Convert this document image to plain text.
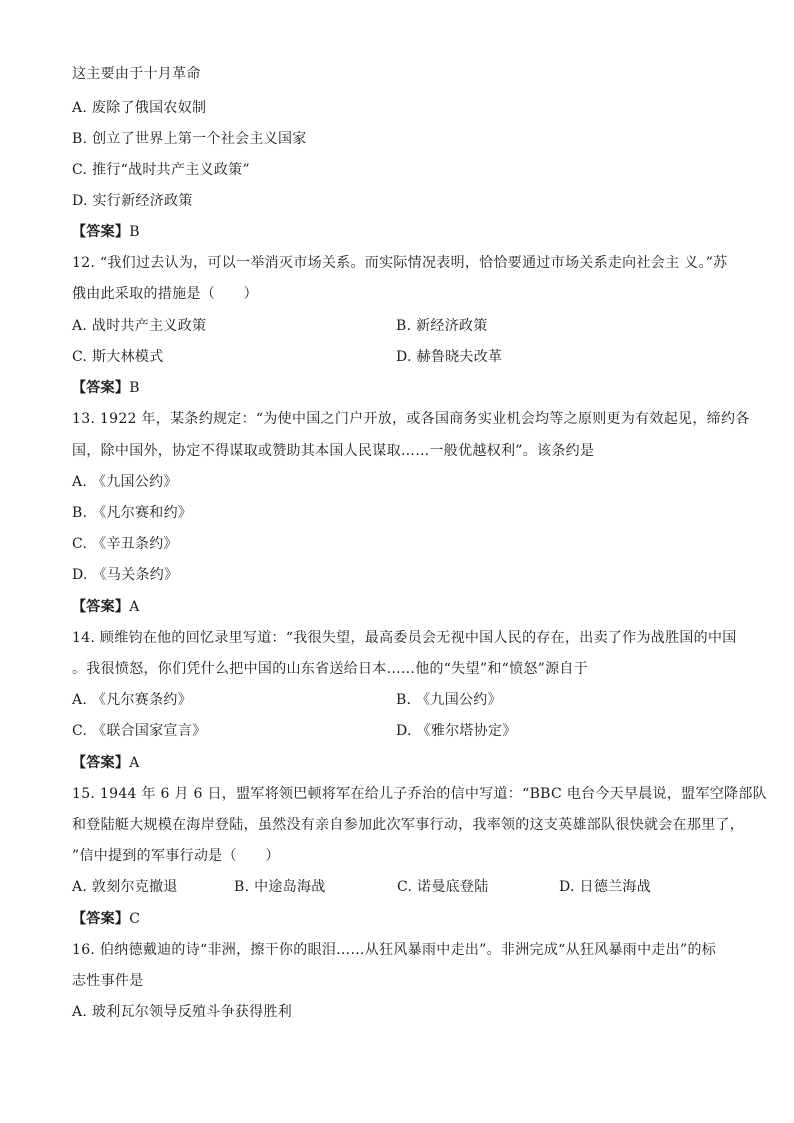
这主要由于十月革命
A. 废除了俄国农奴制
B. 创立了世界上第一个社会主义国家
C. 推行“战时共产主义政策”
D. 实行新经济政策
【答案】B
12. “我们过去认为，可以一举消灭市场关系。而实际情况表明，恰恰要通过市场关系走向社会主 义。”苏
俄由此采取的措施是（　　）
A. 战时共产主义政策	B. 新经济政策
C. 斯大林模式	D. 赫鲁晓夫改革
【答案】B
13. 1922 年，某条约规定：“为使中国之门户开放，或各国商务实业机会均等之原则更为有效起见，缔约各
国，除中国外，协定不得谋取或赞助其本国人民谋取……一般优越权利”。该条约是
A. 《九国公约》
B. 《凡尔赛和约》
C. 《辛丑条约》
D. 《马关条约》
【答案】A
14. 顾维钧在他的回忆录里写道：“我很失望，最高委员会无视中国人民的存在，出卖了作为战胜国的中国
。我很愤怒，你们凭什么把中国的山东省送给日本……他的“失望”和“愤怒”源自于
A. 《凡尔赛条约》	B. 《九国公约》
C. 《联合国家宣言》	D. 《雅尔塔协定》
【答案】A
15. 1944 年 6 月 6 日，盟军将领巴顿将军在给儿子乔治的信中写道：“BBC 电台今天早晨说，盟军空降部队
和登陆艇大规模在海岸登陆，虽然没有亲自参加此次军事行动，我率领的这支英雄部队很快就会在那里了，
”信中提到的军事行动是（　　）
A. 敦刻尔克撤退	B. 中途岛海战	C. 诺曼底登陆	D. 日德兰海战
【答案】C
16. 伯纳德戴迪的诗“非洲，擦干你的眼泪……从狂风暴雨中走出”。非洲完成“从狂风暴雨中走出”的标
志性事件是
A. 玻利瓦尔领导反殖斗争获得胜利
